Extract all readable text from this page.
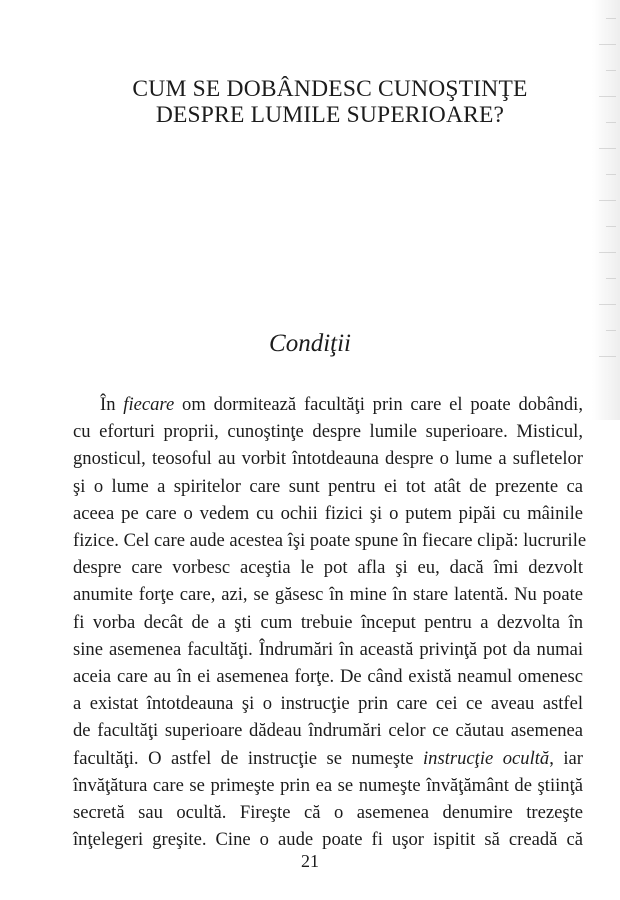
CUM SE DOBÂNDESC CUNOŞTINŢE
DESPRE LUMILE SUPERIOARE?
Condiţii
În fiecare om dormitează facultăţi prin care el poate dobândi,
cu eforturi proprii, cunoştinţe despre lumile superioare. Misticul,
gnosticul, teosoful au vorbit întotdeauna despre o lume a sufletelor
şi o lume a spiritelor care sunt pentru ei tot atât de prezente ca
aceea pe care o vedem cu ochii fizici şi o putem pipăi cu mâinile
fizice. Cel care aude acestea îşi poate spune în fiecare clipă: lucrurile
despre care vorbesc aceştia le pot afla şi eu, dacă îmi dezvolt
anumite forţe care, azi, se găsesc în mine în stare latentă. Nu poate
fi vorba decât de a şti cum trebuie început pentru a dezvolta în
sine asemenea facultăţi. Îndrumări în această privinţă pot da numai
aceia care au în ei asemenea forţe. De când există neamul omenesc
a existat întotdeauna şi o instrucţie prin care cei ce aveau astfel
de facultăţi superioare dădeau îndrumări celor ce căutau asemenea
facultăţi. O astfel de instrucţie se numeşte instrucţie ocultă, iar
învăţătura care se primeşte prin ea se numeşte învăţământ de ştiinţă
secretă sau ocultă. Fireşte că o asemenea denumire trezeşte
înţelegeri greşite. Cine o aude poate fi uşor ispitit să creadă că
21
